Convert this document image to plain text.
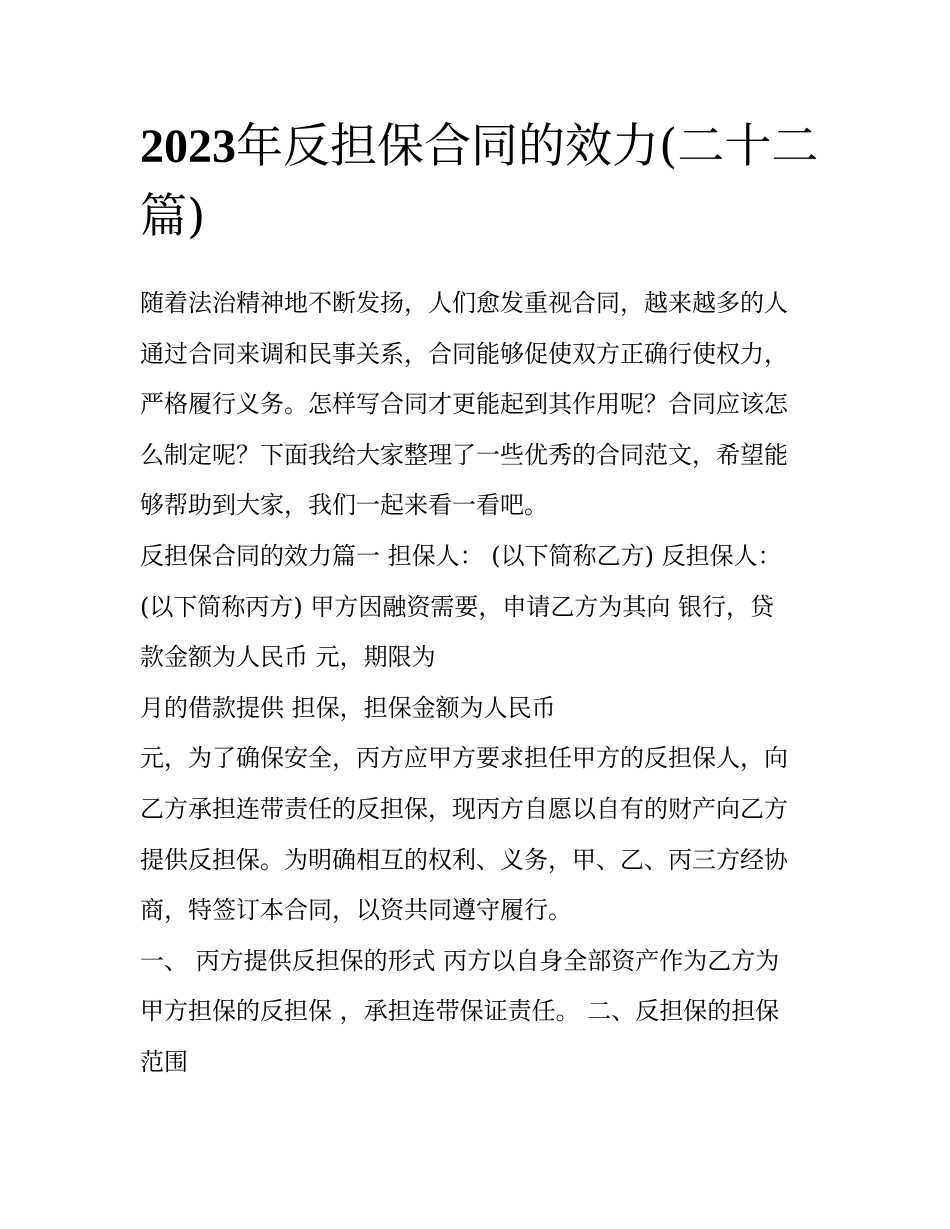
2023年反担保合同的效力(二十二篇)
随着法治精神地不断发扬，人们愈发重视合同，越来越多的人
通过合同来调和民事关系，合同能够促使双方正确行使权力，
严格履行义务。怎样写合同才更能起到其作用呢？合同应该怎
么制定呢？下面我给大家整理了一些优秀的合同范文，希望能
够帮助到大家，我们一起来看一看吧。
反担保合同的效力篇一 担保人： (以下简称乙方) 反担保人：
(以下简称丙方) 甲方因融资需要，申请乙方为其向 银行，贷
款金额为人民币 元，期限为
月的借款提供 担保，担保金额为人民币
元，为了确保安全，丙方应甲方要求担任甲方的反担保人，向
乙方承担连带责任的反担保，现丙方自愿以自有的财产向乙方
提供反担保。为明确相互的权利、义务，甲、乙、丙三方经协
商，特签订本合同，以资共同遵守履行。
一、 丙方提供反担保的形式 丙方以自身全部资产作为乙方为
甲方担保的反担保 ，承担连带保证责任。 二、反担保的担保
范围
